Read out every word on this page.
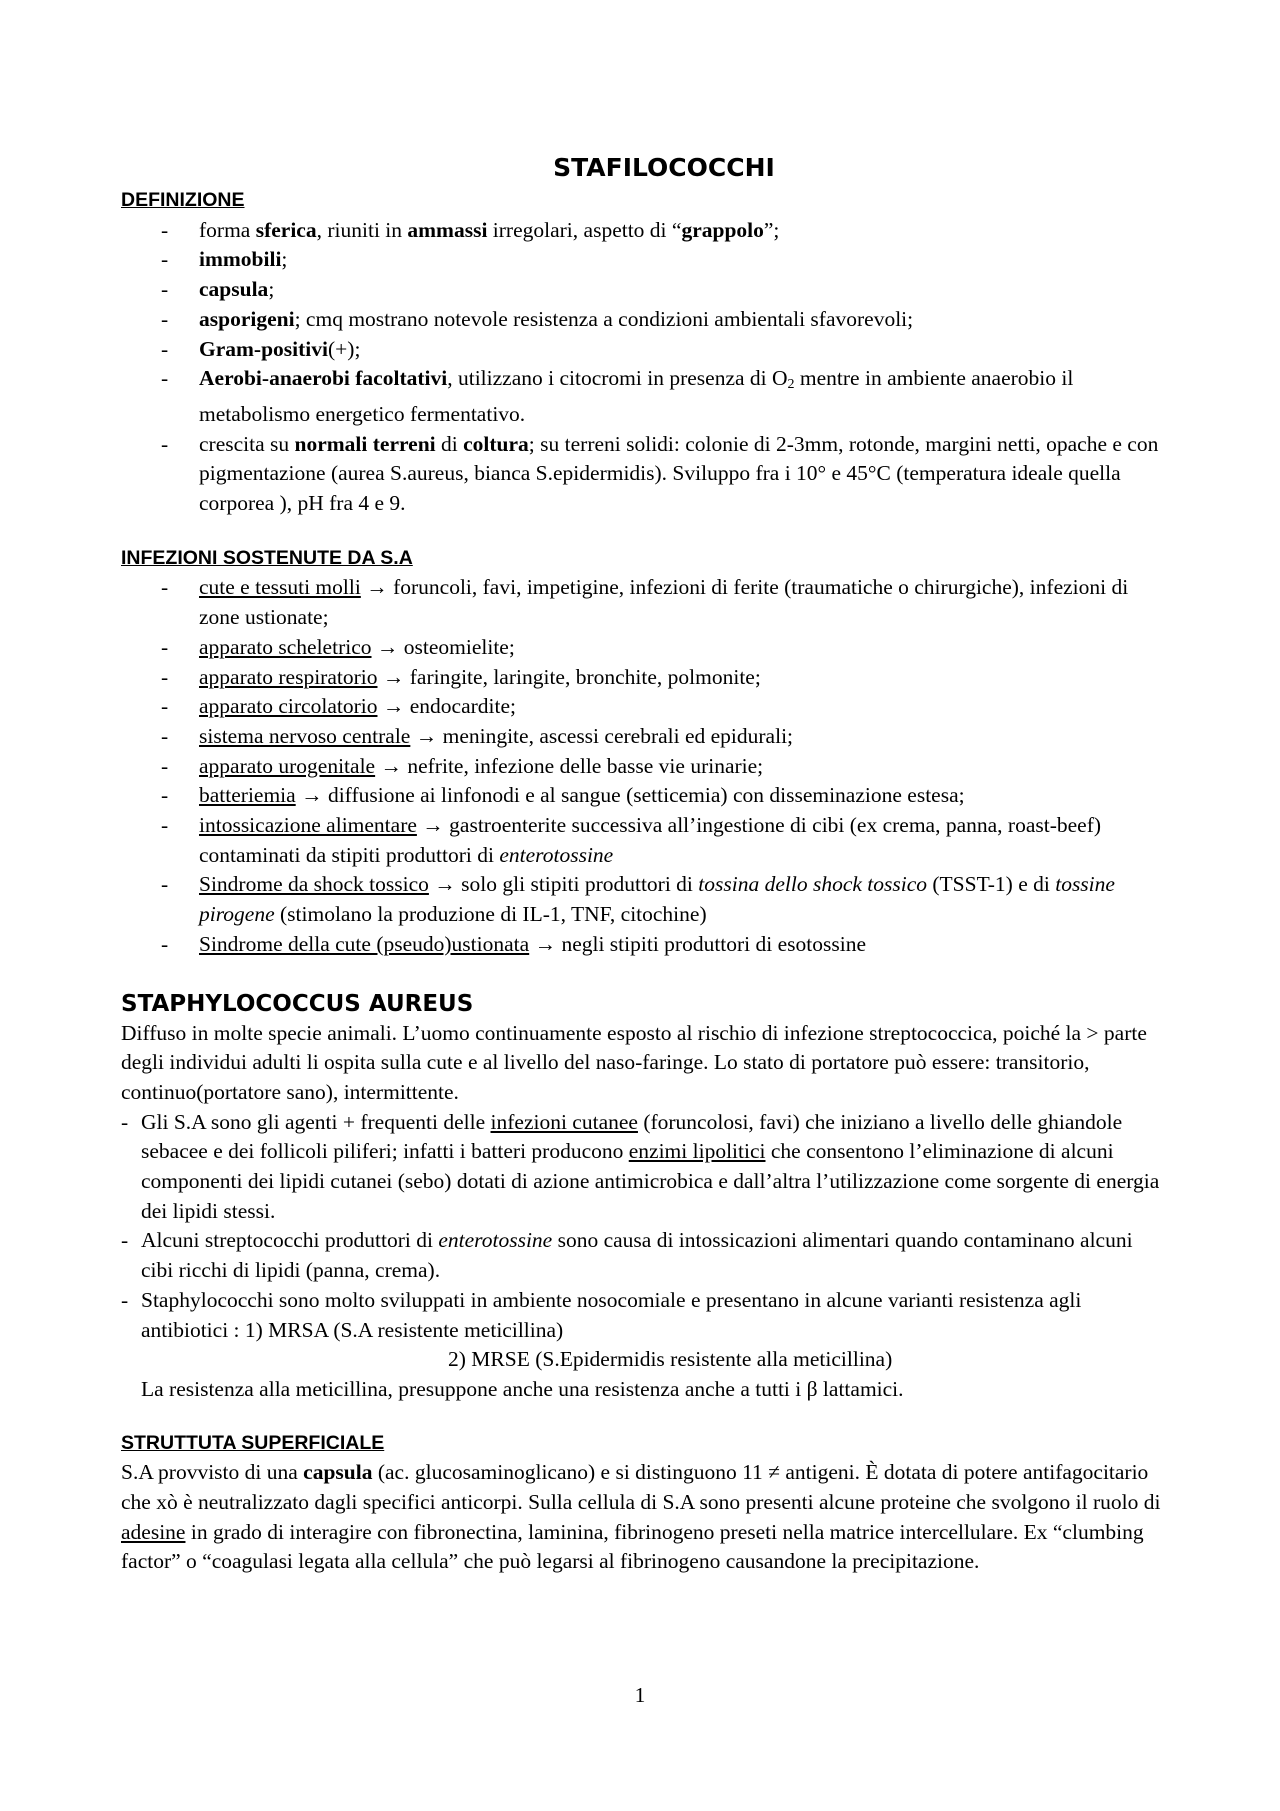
STAFILOCOCCHI
DEFINIZIONE
- forma sferica, riuniti in ammassi irregolari, aspetto di “grappolo”;
- immobili;
- capsula;
- asporigeni; cmq mostrano notevole resistenza a condizioni ambientali sfavorevoli;
- Gram-positivi(+);
- Aerobi-anaerobi facoltativi, utilizzano i citocromi in presenza di $O_2$ mentre in ambiente anaerobio il metabolismo energetico fermentativo.
- crescita su normali terreni di coltura; su terreni solidi: colonie di 2-3mm, rotonde, margini netti, opache e con pigmentazione (aurea S.aureus, bianca S.epidermidis). Sviluppo fra i 10° e 45°C (temperatura ideale quella corporea ), pH fra 4 e 9.
INFEZIONI SOSTENUTE DA S.A
- cute e tessuti molli → foruncoli, favi, impetigine, infezioni di ferite (traumatiche o chirurgiche), infezioni di zone ustionate;
- apparato scheletrico → osteomielite;
- apparato respiratorio → faringite, laringite, bronchite, polmonite;
- apparato circolatorio → endocardite;
- sistema nervoso centrale → meningite, ascessi cerebrali ed epidurali;
- apparato urogenitale → nefrite, infezione delle basse vie urinarie;
- batteriemia → diffusione ai linfonodi e al sangue (setticemia) con disseminazione estesa;
- intossicazione alimentare → gastroenterite successiva all’ingestione di cibi (ex crema, panna, roast-beef) contaminati da stipiti produttori di enterotossine
- Sindrome da shock tossico → solo gli stipiti produttori di tossina dello shock tossico (TSST-1) e di tossine pirogene (stimolano la produzione di IL-1, TNF, citochine)
- Sindrome della cute (pseudo)ustionata → negli stipiti produttori di esotossine
STAPHYLOCOCCUS AUREUS
Diffuso in molte specie animali. L’uomo continuamente esposto al rischio di infezione streptococcica, poiché la > parte degli individui adulti li ospita sulla cute e al livello del naso-faringe. Lo stato di portatore può essere: transitorio, continuo(portatore sano), intermittente.
- Gli S.A sono gli agenti + frequenti delle infezioni cutanee (foruncolosi, favi) che iniziano a livello delle ghiandole sebacee e dei follicoli piliferi; infatti i batteri producono enzimi lipolitici che consentono l’eliminazione di alcuni componenti dei lipidi cutanei (sebo) dotati di azione antimicrobica e dall’altra l’utilizzazione come sorgente di energia dei lipidi stessi.
- Alcuni streptococchi produttori di enterotossine sono causa di intossicazioni alimentari quando contaminano alcuni cibi ricchi di lipidi (panna, crema).
- Staphylococchi sono molto sviluppati in ambiente nosocomiale e presentano in alcune varianti resistenza agli antibiotici : 1) MRSA (S.A resistente meticillina)
2) MRSE (S.Epidermidis resistente alla meticillina)
La resistenza alla meticillina, presuppone anche una resistenza anche a tutti i β lattamici.
STRUTTUTA SUPERFICIALE
S.A provvisto di una capsula (ac. glucosaminoglicano) e si distinguono 11 ≠ antigeni. È dotata di potere antifagocitario che xò è neutralizzato dagli specifici anticorpi. Sulla cellula di S.A sono presenti alcune proteine che svolgono il ruolo di adesine in grado di interagire con fibronectina, laminina, fibrinogeno preseti nella matrice intercellulare. Ex “clumbing factor” o “coagulasi legata alla cellula” che può legarsi al fibrinogeno causandone la precipitazione.
1
